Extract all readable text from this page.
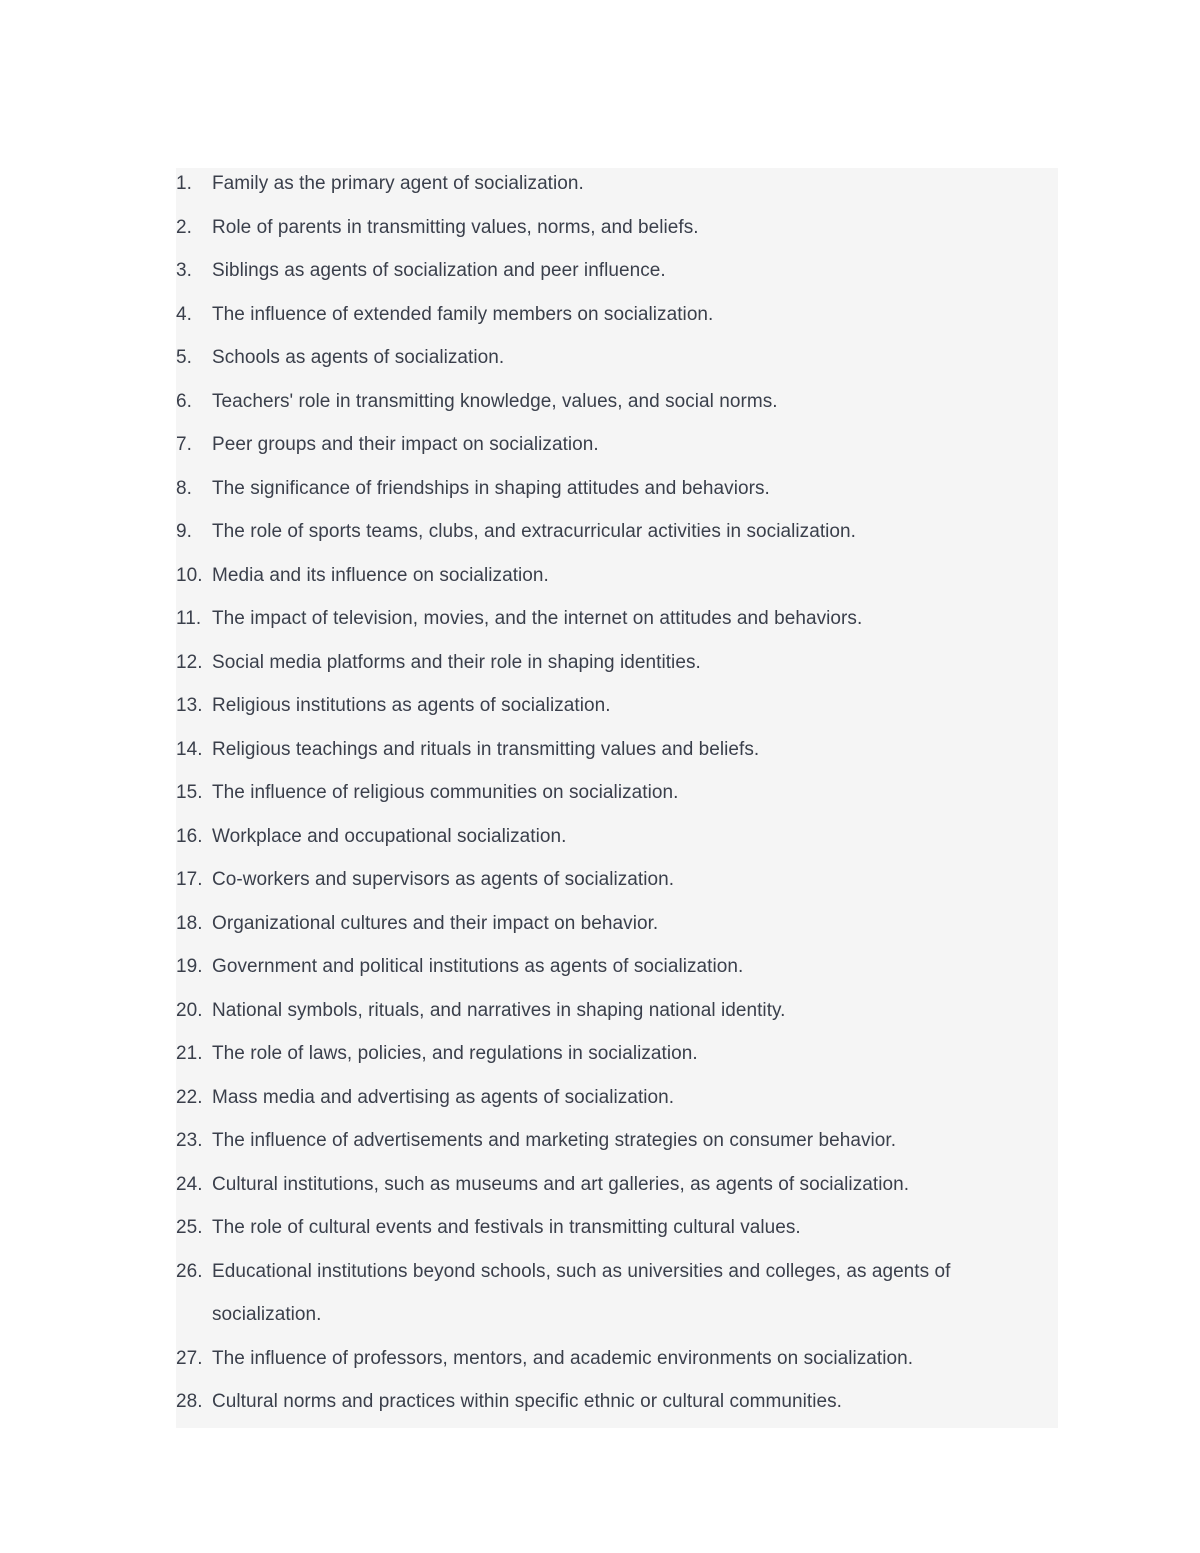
1.	Family as the primary agent of socialization.
2.	Role of parents in transmitting values, norms, and beliefs.
3.	Siblings as agents of socialization and peer influence.
4.	The influence of extended family members on socialization.
5.	Schools as agents of socialization.
6.	Teachers' role in transmitting knowledge, values, and social norms.
7.	Peer groups and their impact on socialization.
8.	The significance of friendships in shaping attitudes and behaviors.
9.	The role of sports teams, clubs, and extracurricular activities in socialization.
10. Media and its influence on socialization.
11. The impact of television, movies, and the internet on attitudes and behaviors.
12. Social media platforms and their role in shaping identities.
13. Religious institutions as agents of socialization.
14. Religious teachings and rituals in transmitting values and beliefs.
15. The influence of religious communities on socialization.
16. Workplace and occupational socialization.
17. Co-workers and supervisors as agents of socialization.
18. Organizational cultures and their impact on behavior.
19. Government and political institutions as agents of socialization.
20. National symbols, rituals, and narratives in shaping national identity.
21. The role of laws, policies, and regulations in socialization.
22. Mass media and advertising as agents of socialization.
23. The influence of advertisements and marketing strategies on consumer behavior.
24. Cultural institutions, such as museums and art galleries, as agents of socialization.
25. The role of cultural events and festivals in transmitting cultural values.
26. Educational institutions beyond schools, such as universities and colleges, as agents of socialization.
27. The influence of professors, mentors, and academic environments on socialization.
28. Cultural norms and practices within specific ethnic or cultural communities.
